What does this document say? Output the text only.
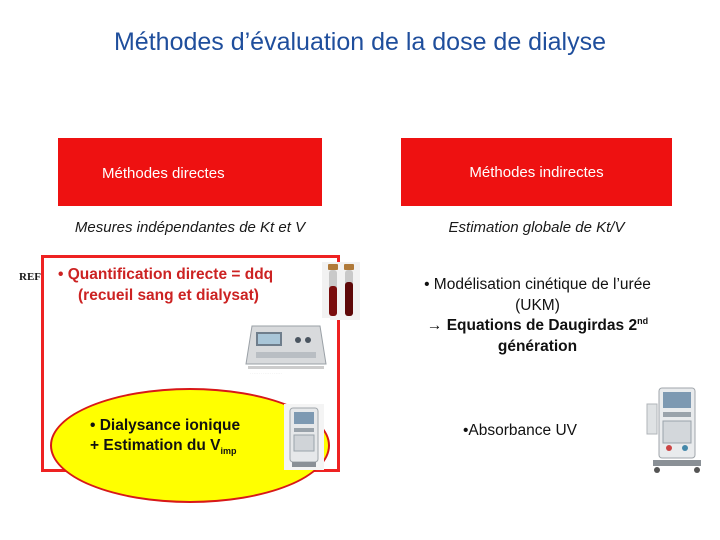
Méthodes d’évaluation de la dose de dialyse
Méthodes directes	Méthodes indirectes
Mesures indépendantes de Kt et V	Estimation globale de Kt/V
REF • Quantification directe = ddq
(recueil sang et dialysat)
· · · · · · · · · · · · · · · · · ·
• Dialysance ionique
+ Estimation du $V_{imp}$
• Modélisation cinétique de l’urée
(UKM)
→ Equations de Daugirdas 2nd
génération
•Absorbance UV
